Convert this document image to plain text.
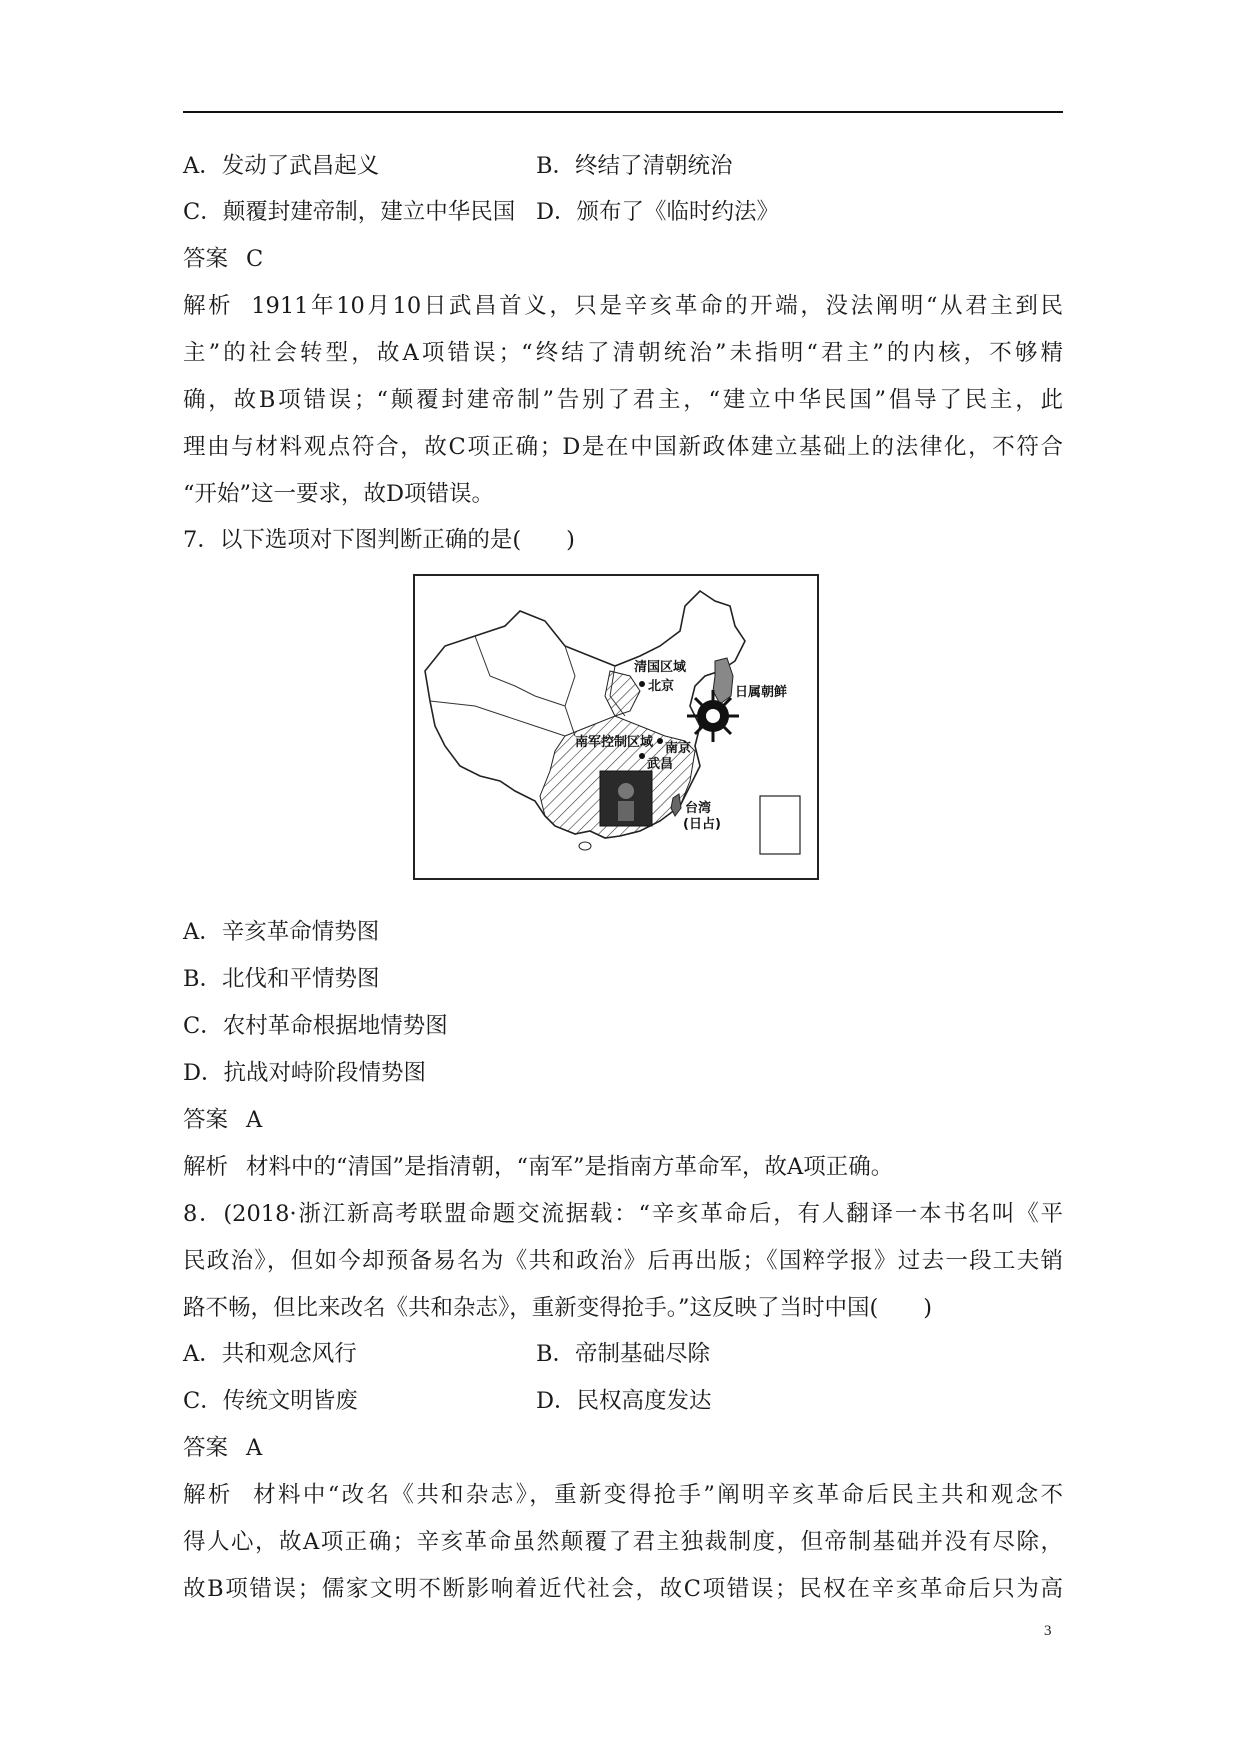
A．发动了武昌起义	B．终结了清朝统治
C．颠覆封建帝制，建立中华民国 D．颁布了《临时约法》
答案 C
解析 1911年10月10日武昌首义，只是辛亥革命的开端，没法阐明“从君主到民
主”的社会转型，故A项错误；“终结了清朝统治”未指明“君主”的内核，不够精
确，故B项错误；“颠覆封建帝制”告别了君主，“建立中华民国”倡导了民主，此
理由与材料观点符合，故C项正确；D是在中国新政体建立基础上的法律化，不符合
“开始”这一要求，故D项错误。
7．以下选项对下图判断正确的是(　　)
清国区域
北京	日属朝鲜
南军控制区域 南京
武昌
台湾
(日占)
A．辛亥革命情势图
B．北伐和平情势图
C．农村革命根据地情势图
D．抗战对峙阶段情势图
答案 A
解析 材料中的“清国”是指清朝，“南军”是指南方革命军，故A项正确。
8．(2018·浙江新高考联盟命题交流据载：“辛亥革命后，有人翻译一本书名叫《平
民政治》，但如今却预备易名为《共和政治》后再出版；《国粹学报》过去一段工夫销
路不畅，但比来改名《共和杂志》，重新变得抢手。”这反映了当时中国(　　)
A．共和观念风行	B．帝制基础尽除
C．传统文明皆废	D．民权高度发达
答案 A
解析 材料中“改名《共和杂志》，重新变得抢手”阐明辛亥革命后民主共和观念不
得人心，故A项正确；辛亥革命虽然颠覆了君主独裁制度，但帝制基础并没有尽除，
故B项错误；儒家文明不断影响着近代社会，故C项错误；民权在辛亥革命后只为高
3
